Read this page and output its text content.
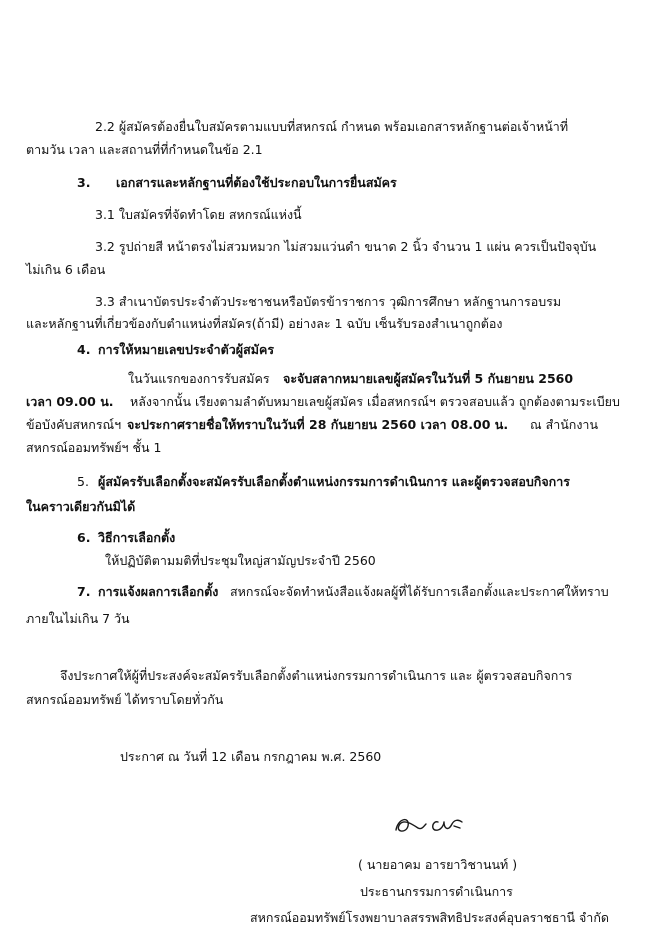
2.2 ผู้สมัครต้องยื่นใบสมัครตามแบบที่สหกรณ์ กำหนด พร้อมเอกสารหลักฐานต่อเจ้าหน้าที่
ตามวัน เวลา และสถานที่ที่กำหนดในข้อ 2.1
3. เอกสารและหลักฐานที่ต้องใช้ประกอบในการยื่นสมัคร
3.1 ใบสมัครที่จัดทำโดย สหกรณ์แห่งนี้
3.2 รูปถ่ายสี หน้าตรงไม่สวมหมวก ไม่สวมแว่นดำ ขนาด 2 นิ้ว จำนวน 1 แผ่น ควรเป็นปัจจุบัน
ไม่เกิน 6 เดือน
3.3 สำเนาบัตรประจำตัวประชาชนหรือบัตรข้าราชการ วุฒิการศึกษา หลักฐานการอบรม
และหลักฐานที่เกี่ยวข้องกับตำแหน่งที่สมัคร(ถ้ามี) อย่างละ 1 ฉบับ เซ็นรับรองสำเนาถูกต้อง
4. การให้หมายเลขประจำตัวผู้สมัคร
ในวันแรกของการรับสมัคร จะจับสลากหมายเลขผู้สมัครในวันที่ 5 กันยายน 2560
เวลา 09.00 น. หลังจากนั้น เรียงตามลำดับหมายเลขผู้สมัคร เมื่อสหกรณ์ฯ ตรวจสอบแล้ว ถูกต้องตามระเบียบ
ข้อบังคับสหกรณ์ฯ จะประกาศรายชื่อให้ทราบในวันที่ 28 กันยายน 2560 เวลา 08.00 น. ณ สำนักงาน
สหกรณ์ออมทรัพย์ฯ ชั้น 1
5. ผู้สมัครรับเลือกตั้งจะสมัครรับเลือกตั้งตำแหน่งกรรมการดำเนินการ และผู้ตรวจสอบกิจการ
ในคราวเดียวกันมิได้
6. วิธีการเลือกตั้ง
ให้ปฏิบัติตามมติที่ประชุมใหญ่สามัญประจำปี 2560
7. การแจ้งผลการเลือกตั้ง สหกรณ์จะจัดทำหนังสือแจ้งผลผู้ที่ได้รับการเลือกตั้งและประกาศให้ทราบ
ภายในไม่เกิน 7 วัน
จึงประกาศให้ผู้ที่ประสงค์จะสมัครรับเลือกตั้งตำแหน่งกรรมการดำเนินการ และ ผู้ตรวจสอบกิจการ
สหกรณ์ออมทรัพย์ ได้ทราบโดยทั่วกัน
ประกาศ ณ วันที่ 12 เดือน กรกฎาคม พ.ศ. 2560
( นายอาคม อารยาวิชานนท์ )
ประธานกรรมการดำเนินการ
สหกรณ์ออมทรัพย์โรงพยาบาลสรรพสิทธิประสงค์อุบลราชธานี จำกัด
